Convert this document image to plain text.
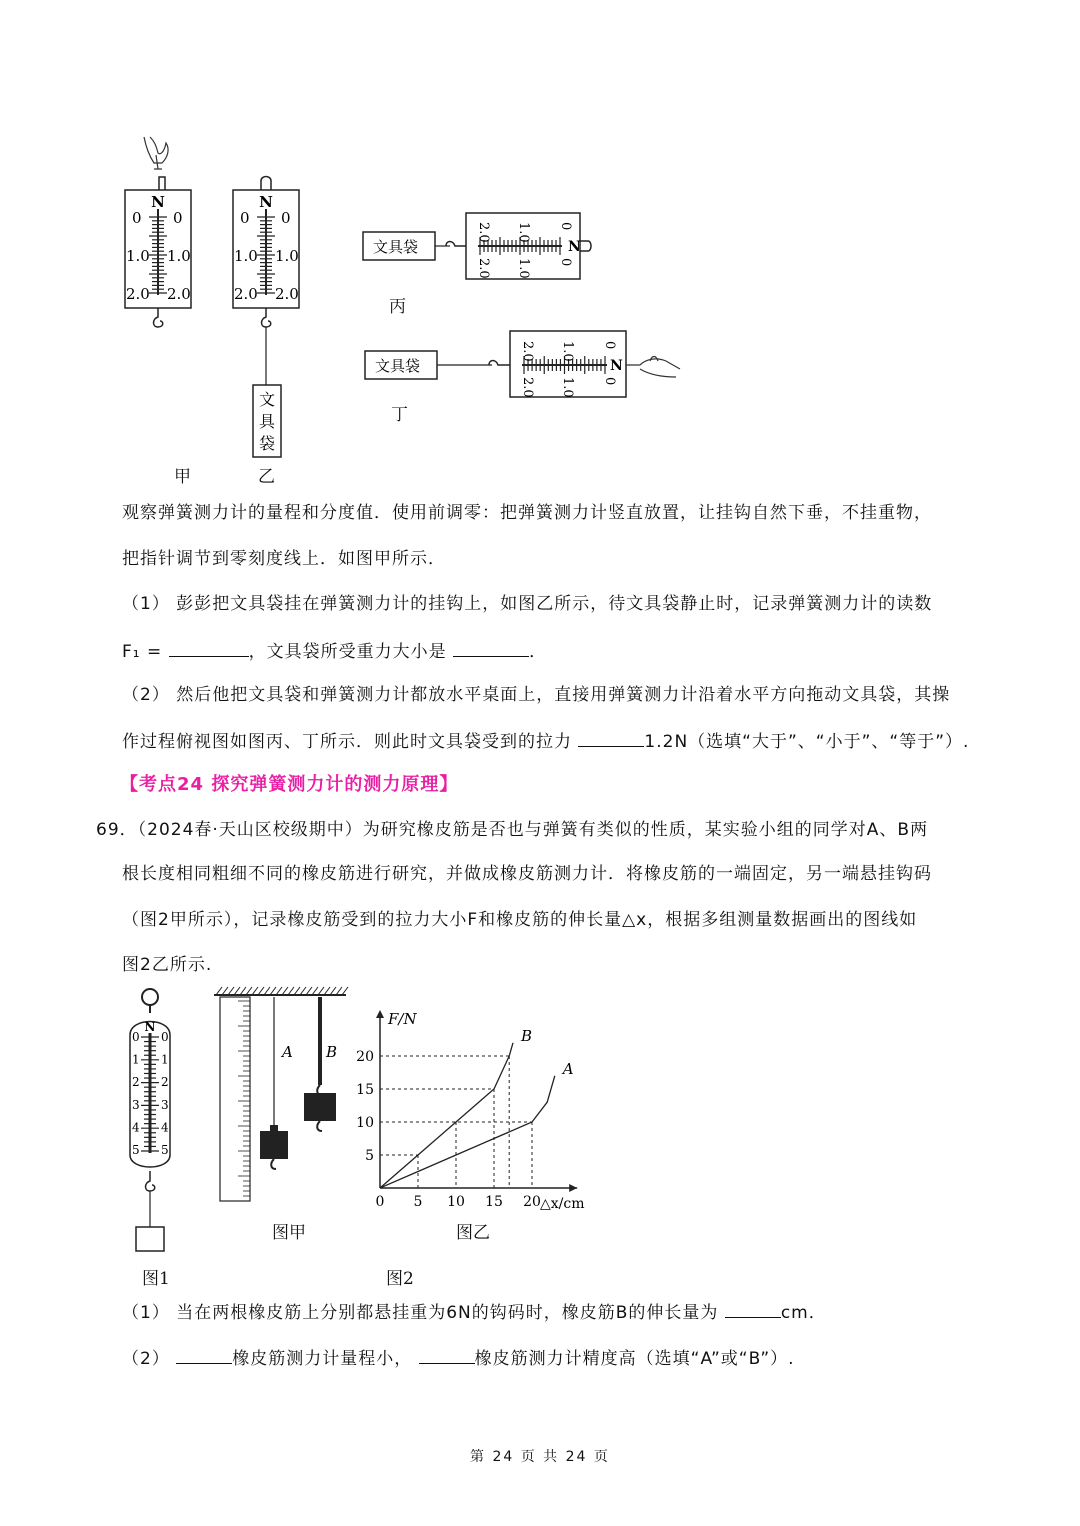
N
0
1.0
2.0
0
1.0
2.0
N
0
1.0
2.0
0
1.0
2.0
文
具
袋
文具袋
0
0
1.0
1.0
2.0
2.0
N
文具袋
0
0
1.0
1.0
2.0
2.0
N
甲	乙
丙
丁
观察弹簧测力计的量程和分度值．使用前调零：把弹簧测力计竖直放置，让挂钩自然下垂，不挂重物，
把指针调节到零刻度线上．如图甲所示．
（1） 彭彭把文具袋挂在弹簧测力计的挂钩上，如图乙所示，待文具袋静止时，记录弹簧测力计的读数
F₁ =	，文具袋所受重力大小是	．
（2） 然后他把文具袋和弹簧测力计都放水平桌面上，直接用弹簧测力计沿着水平方向拖动文具袋，其操
作过程俯视图如图丙、丁所示．则此时文具袋受到的拉力	1.2N（选填“大于”、“小于”、“等于”）.
【考点24 探究弹簧测力计的测力原理】
69．（2024春·天山区校级期中）为研究橡皮筋是否也与弹簧有类似的性质，某实验小组的同学对A、B两
根长度相同粗细不同的橡皮筋进行研究，并做成橡皮筋测力计．将橡皮筋的一端固定，另一端悬挂钩码
（图2甲所示），记录橡皮筋受到的拉力大小F和橡皮筋的伸长量△x，根据多组测量数据画出的图线如
图2乙所示.
N
0 0
1 1
2 2
3 3
4 4
5 5
A B
F/N
△x/cm
0 5 10 15 20
5
10
15
20
A
B
图1	图2
图甲	图乙
（1） 当在两根橡皮筋上分别都悬挂重为6N的钩码时，橡皮筋B的伸长量为	cm．
（2）	橡皮筋测力计量程小，	橡皮筋测力计精度高（选填“A”或“B”）.
第 24 页 共 24 页
